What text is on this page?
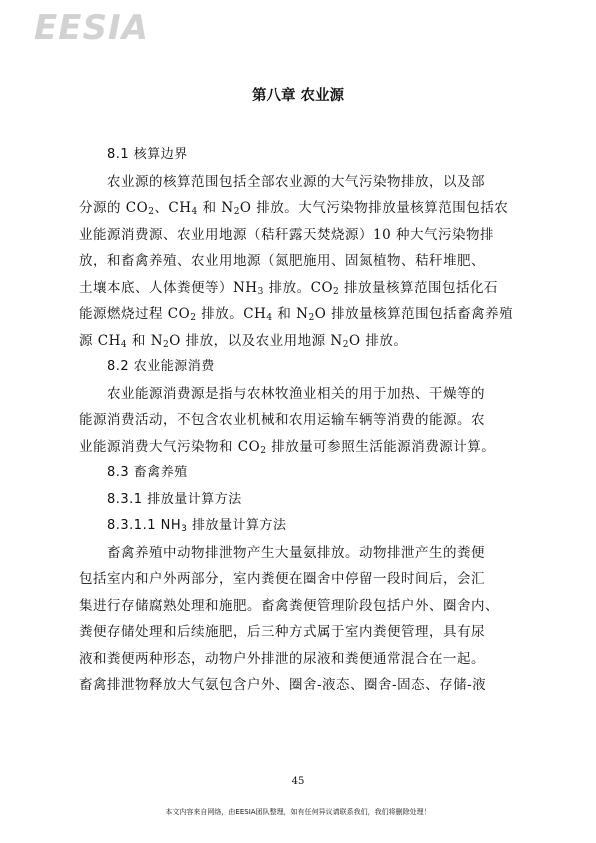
EESIA
第八章 农业源
8.1 核算边界
农业源的核算范围包括全部农业源的大气污染物排放，以及部
分源的 $CO_2$、$CH_4$ 和 $N_2O$ 排放。大气污染物排放量核算范围包括农
业能源消费源、农业用地源（秸秆露天焚烧源）10 种大气污染物排
放，和畜禽养殖、农业用地源（氮肥施用、固氮植物、秸秆堆肥、
土壤本底、人体粪便等）$NH_3$ 排放。$CO_2$ 排放量核算范围包括化石
能源燃烧过程 $CO_2$ 排放。$CH_4$ 和 $N_2O$ 排放量核算范围包括畜禽养殖
源 $CH_4$ 和 $N_2O$ 排放，以及农业用地源 $N_2O$ 排放。
8.2 农业能源消费
农业能源消费源是指与农林牧渔业相关的用于加热、干燥等的
能源消费活动，不包含农业机械和农用运输车辆等消费的能源。农
业能源消费大气污染物和 $CO_2$ 排放量可参照生活能源消费源计算。
8.3 畜禽养殖
8.3.1 排放量计算方法
8.3.1.1 $NH_3$ 排放量计算方法
畜禽养殖中动物排泄物产生大量氨排放。动物排泄产生的粪便
包括室内和户外两部分，室内粪便在圈舍中停留一段时间后，会汇
集进行存储腐熟处理和施肥。畜禽粪便管理阶段包括户外、圈舍内、
粪便存储处理和后续施肥，后三种方式属于室内粪便管理，具有尿
液和粪便两种形态，动物户外排泄的尿液和粪便通常混合在一起。
畜禽排泄物释放大气氨包含户外、圈舍-液态、圈舍-固态、存储-液
45
本文内容来自网络，由EESIA团队整理，如有任何异议请联系我们，我们将删除处理！
